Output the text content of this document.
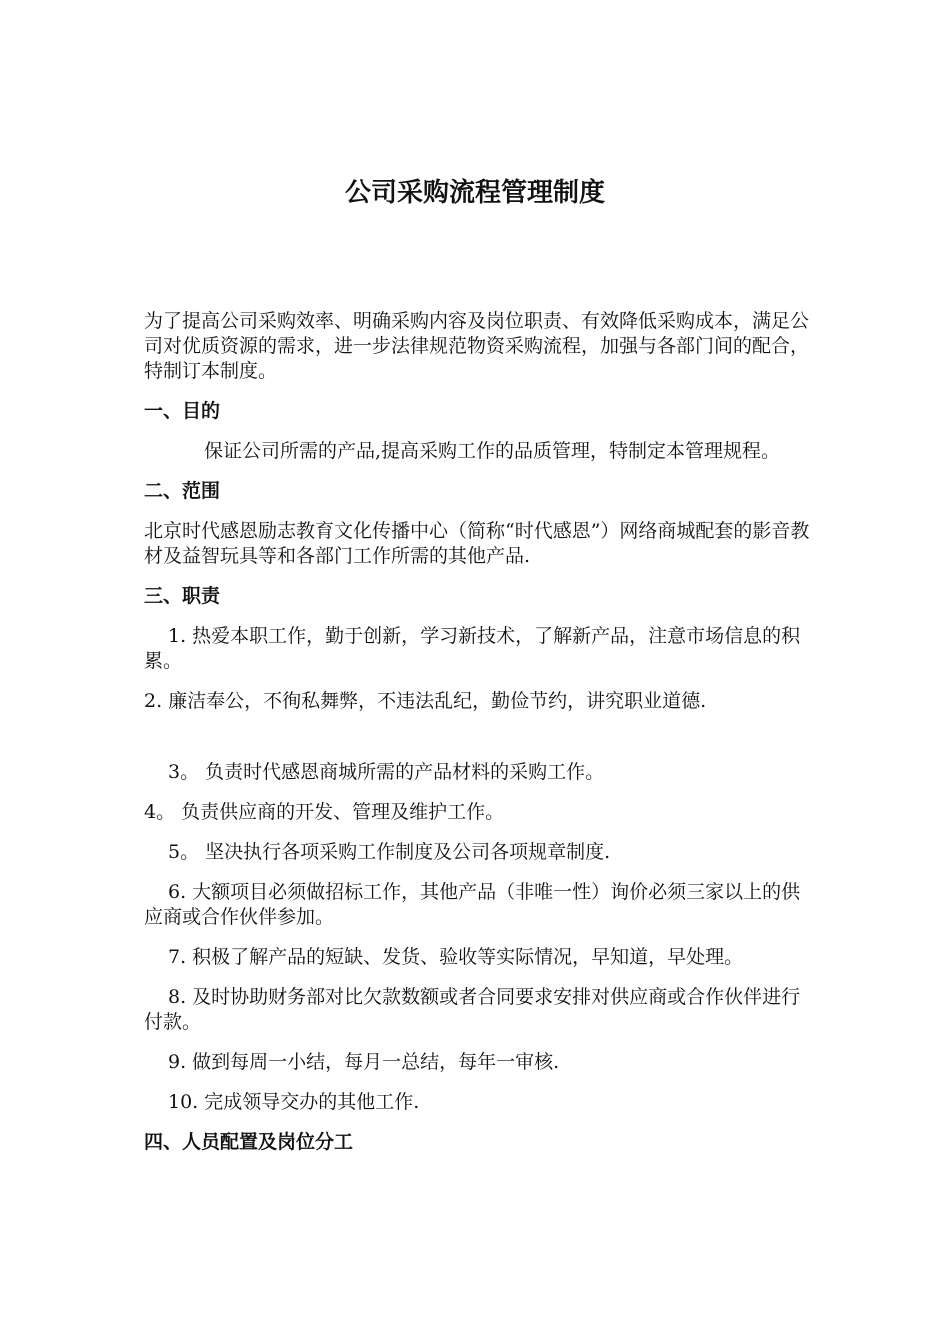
公司采购流程管理制度

为了提高公司采购效率、明确采购内容及岗位职责、有效降低采购成本，满足公司对优质资源的需求，进一步法律规范物资采购流程，加强与各部门间的配合，特制订本制度。

一、目的

保证公司所需的产品,提高采购工作的品质管理，特制定本管理规程。

二、范围

北京时代感恩励志教育文化传播中心（简称“时代感恩”）网络商城配套的影音教材及益智玩具等和各部门工作所需的其他产品.

三、职责

1. 热爱本职工作，勤于创新，学习新技术，了解新产品，注意市场信息的积累。

2. 廉洁奉公，不徇私舞弊，不违法乱纪，勤俭节约，讲究职业道德.

3。 负责时代感恩商城所需的产品材料的采购工作。

4。 负责供应商的开发、管理及维护工作。

5。 坚决执行各项采购工作制度及公司各项规章制度.

6. 大额项目必须做招标工作，其他产品（非唯一性）询价必须三家以上的供应商或合作伙伴参加。

7. 积极了解产品的短缺、发货、验收等实际情况，早知道，早处理。

8. 及时协助财务部对比欠款数额或者合同要求安排对供应商或合作伙伴进行付款。

9. 做到每周一小结，每月一总结，每年一审核.

10. 完成领导交办的其他工作.

四、人员配置及岗位分工
